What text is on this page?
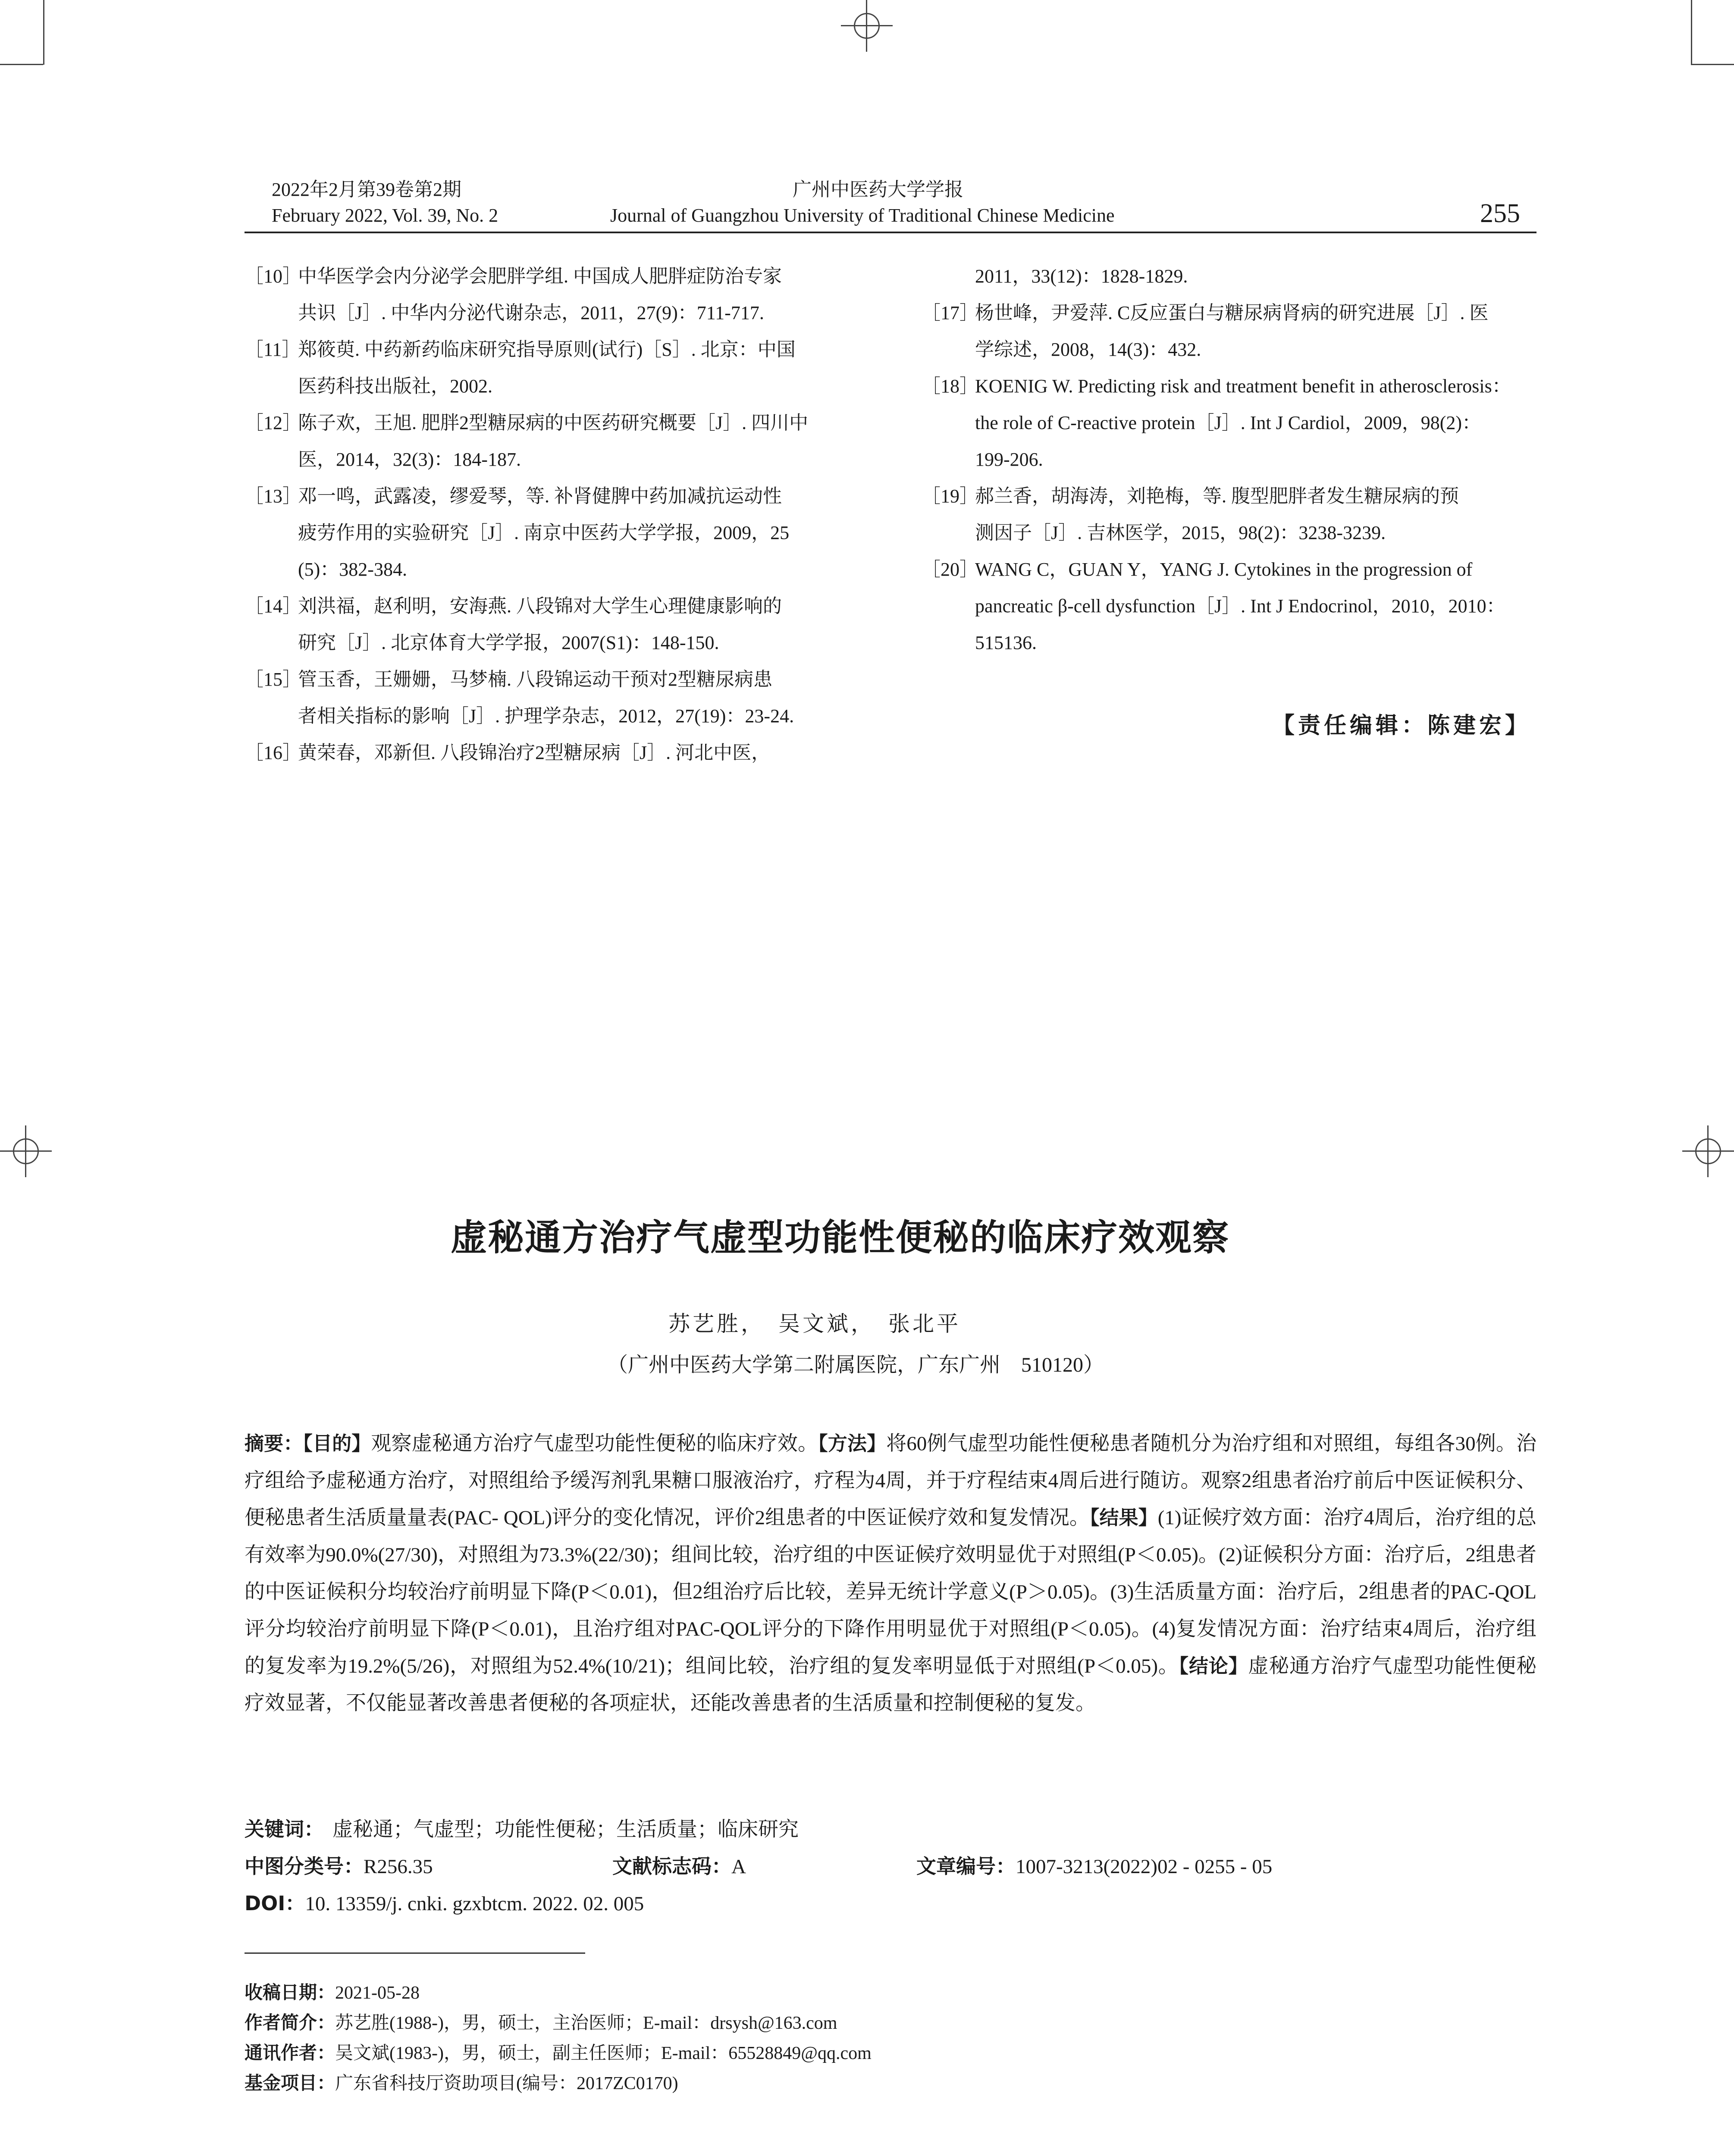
2022年2月第39卷第2期
February 2022, Vol. 39, No. 2
广州中医药大学学报
Journal of Guangzhou University of Traditional Chinese Medicine	255
［10］
中华医学会内分泌学会肥胖学组. 中国成人肥胖症防治专家
共识［J］. 中华内分泌代谢杂志，2011，27(9)：711-717.
［11］
郑筱萸. 中药新药临床研究指导原则(试行)［S］. 北京：中国
医药科技出版社，2002.
［12］
陈子欢，王旭. 肥胖2型糖尿病的中医药研究概要［J］. 四川中
医，2014，32(3)：184-187.
［13］
邓一鸣，武露凌，缪爱琴，等. 补肾健脾中药加减抗运动性
疲劳作用的实验研究［J］. 南京中医药大学学报，2009，25
(5)：382-384.
［14］
刘洪福，赵利明，安海燕. 八段锦对大学生心理健康影响的
研究［J］. 北京体育大学学报，2007(S1)：148-150.
［15］
管玉香，王姗姗，马梦楠. 八段锦运动干预对2型糖尿病患
者相关指标的影响［J］. 护理学杂志，2012，27(19)：23-24.
［16］
黄荣春，邓新但. 八段锦治疗2型糖尿病［J］. 河北中医，
2011，33(12)：1828-1829.
［17］
杨世峰，尹爱萍. C反应蛋白与糖尿病肾病的研究进展［J］. 医
学综述，2008，14(3)：432.
［18］
KOENIG W. Predicting risk and treatment benefit in atherosclerosis：
the role of C-reactive protein［J］. Int J Cardiol，2009，98(2)：
199-206.
［19］
郝兰香，胡海涛，刘艳梅，等. 腹型肥胖者发生糖尿病的预
测因子［J］. 吉林医学，2015，98(2)：3238-3239.
［20］
WANG C，GUAN Y，YANG J. Cytokines in the progression of
pancreatic β-cell dysfunction［J］. Int J Endocrinol，2010，2010：
515136.
【责任编辑：陈建宏】
虚秘通方治疗气虚型功能性便秘的临床疗效观察
苏艺胜，　吴文斌，　张北平
（广州中医药大学第二附属医院，广东广州　510120）
摘要：【目的】观察虚秘通方治疗气虚型功能性便秘的临床疗效。【方法】将60例气虚型功能性便秘患者随机分为治疗组和对照组，每组各30例。治疗组给予虚秘通方治疗，对照组给予缓泻剂乳果糖口服液治疗，疗程为4周，并于疗程结束4周后进行随访。观察2组患者治疗前后中医证候积分、便秘患者生活质量量表(PAC- QOL)评分的变化情况，评价2组患者的中医证候疗效和复发情况。【结果】(1)证候疗效方面：治疗4周后，治疗组的总有效率为90.0%(27/30)，对照组为73.3%(22/30)；组间比较，治疗组的中医证候疗效明显优于对照组(P＜0.05)。(2)证候积分方面：治疗后，2组患者的中医证候积分均较治疗前明显下降(P＜0.01)，但2组治疗后比较，差异无统计学意义(P＞0.05)。(3)生活质量方面：治疗后，2组患者的PAC-QOL评分均较治疗前明显下降(P＜0.01)，且治疗组对PAC-QOL评分的下降作用明显优于对照组(P＜0.05)。(4)复发情况方面：治疗结束4周后，治疗组的复发率为19.2%(5/26)，对照组为52.4%(10/21)；组间比较，治疗组的复发率明显低于对照组(P＜0.05)。【结论】虚秘通方治疗气虚型功能性便秘疗效显著，不仅能显著改善患者便秘的各项症状，还能改善患者的生活质量和控制便秘的复发。
关键词： 虚秘通；气虚型；功能性便秘；生活质量；临床研究
中图分类号：R256.35	文献标志码：A	文章编号：1007-3213(2022)02 - 0255 - 05
DOI：10. 13359/j. cnki. gzxbtcm. 2022. 02. 005
收稿日期：2021-05-28
作者简介：苏艺胜(1988-)，男，硕士，主治医师；E-mail：drsysh@163.com
通讯作者：吴文斌(1983-)，男，硕士，副主任医师；E-mail：65528849@qq.com
基金项目：广东省科技厅资助项目(编号：2017ZC0170)
